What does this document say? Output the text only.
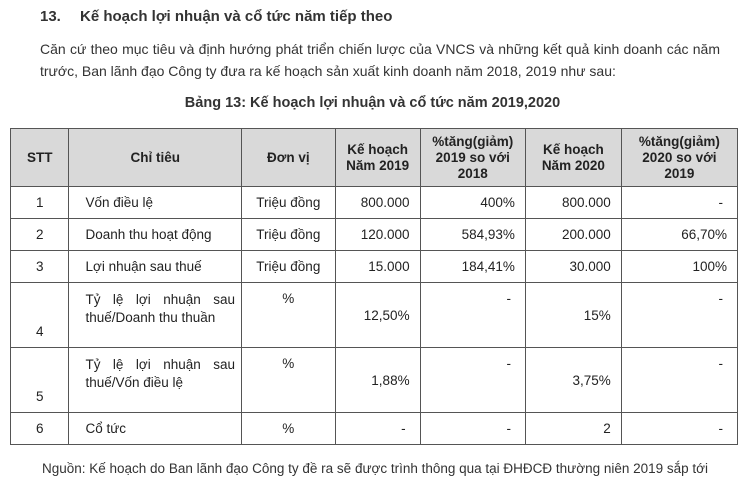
13. Kế hoạch lợi nhuận và cổ tức năm tiếp theo
Căn cứ theo mục tiêu và định hướng phát triển chiến lược của VNCS và những kết quả kinh doanh các năm trước, Ban lãnh đạo Công ty đưa ra kế hoạch sản xuất kinh doanh năm 2018, 2019 như sau:
Bảng 13: Kế hoạch lợi nhuận và cổ tức năm 2019,2020
STT	Chỉ tiêu	Đơn vị	Kế hoạch Năm 2019	%tăng(giảm) 2019 so với 2018	Kế hoạch Năm 2020	%tăng(giảm) 2020 so với 2019
1	Vốn điều lệ	Triệu đồng	800.000	400%	800.000	-
2	Doanh thu hoạt động	Triệu đồng	120.000	584,93%	200.000	66,70%
3	Lợi nhuận sau thuế	Triệu đồng	15.000	184,41%	30.000	100%
4	Tỷ lệ lợi nhuận sau thuế/Doanh thu thuần	%	12,50%	-	15%	-
5	Tỷ lệ lợi nhuận sau thuế/Vốn điều lệ	%	1,88%	-	3,75%	-
6	Cổ tức	%	-	-	2	-
Nguồn: Kế hoạch do Ban lãnh đạo Công ty đề ra sẽ được trình thông qua tại ĐHĐCĐ thường niên 2019 sắp tới
